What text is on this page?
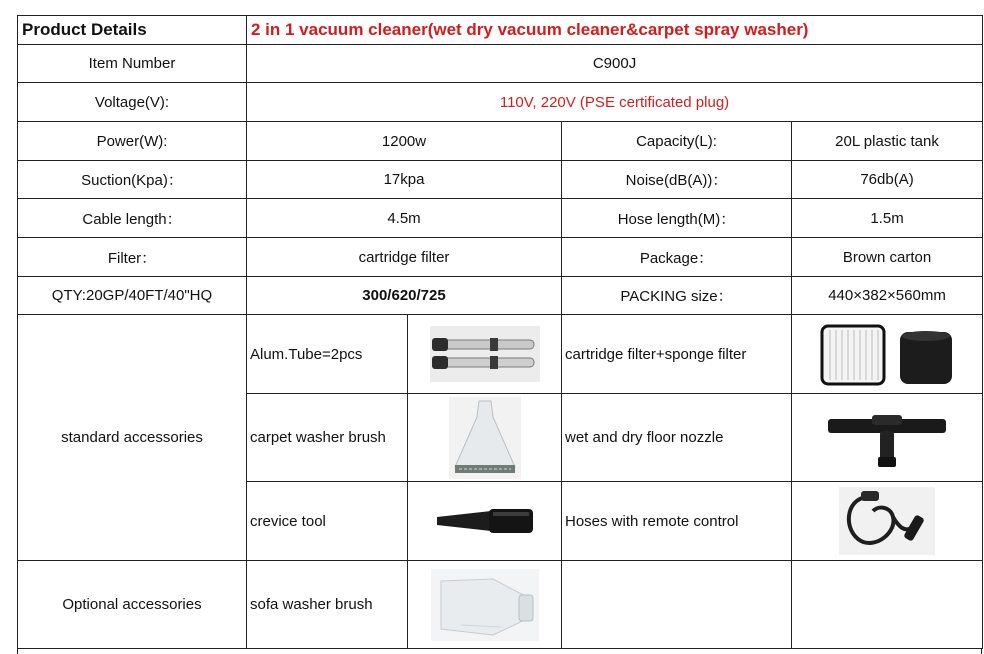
Product Details	2 in 1 vacuum cleaner(wet dry vacuum cleaner&carpet spray washer)			
Item Number	C900J			
Voltage(V):	110V, 220V (PSE certificated plug)			
Power(W):	1200w		Capacity(L):	20L plastic tank
Suction(Kpa)：	17kpa		Noise(dB(A))：	76db(A)
Cable length：	4.5m		Hose length(M)：	1.5m
Filter：	cartridge filter		Package：	Brown carton
QTY:20GP/40FT/40"HQ	300/620/725		PACKING size：	440×382×560mm
standard accessories	Alum.Tube=2pcs		cartridge filter+sponge filter	
	carpet washer brush		wet and dry floor nozzle	
	crevice tool		Hoses with remote control	
Optional accessories	sofa washer brush			
